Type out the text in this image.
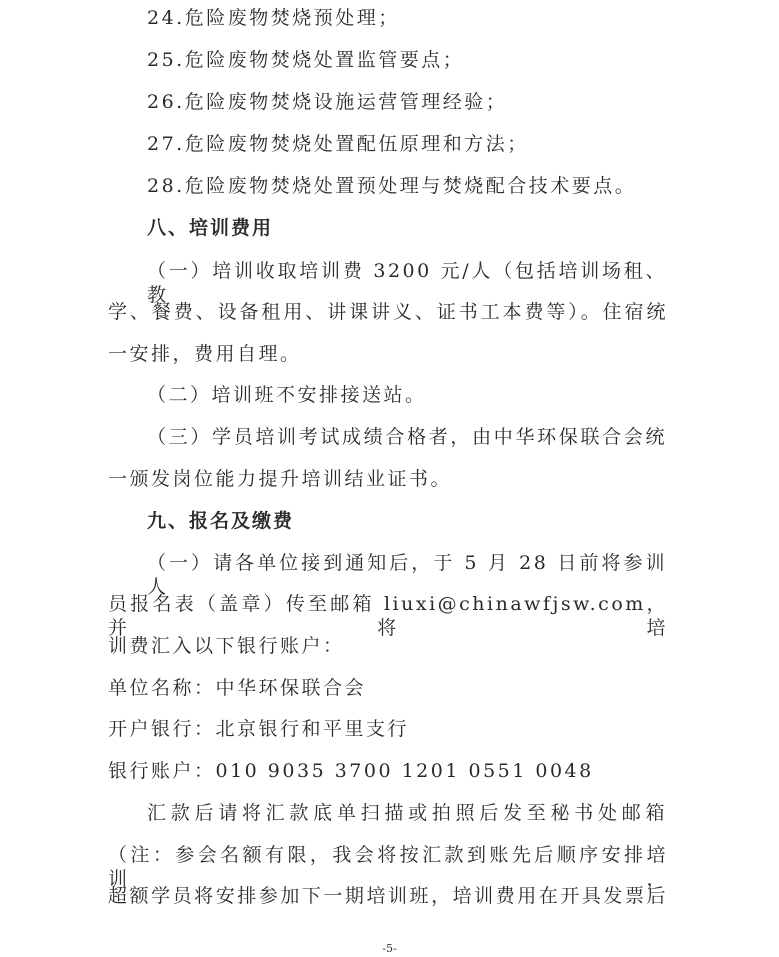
24.危险废物焚烧预处理；
25.危险废物焚烧处置监管要点；
26.危险废物焚烧设施运营管理经验；
27.危险废物焚烧处置配伍原理和方法；
28.危险废物焚烧处置预处理与焚烧配合技术要点。
八、培训费用
（一）培训收取培训费 3200 元/人（包括培训场租、教
学、餐费、设备租用、讲课讲义、证书工本费等）。住宿统
一安排，费用自理。
（二）培训班不安排接送站。
（三）学员培训考试成绩合格者，由中华环保联合会统
一颁发岗位能力提升培训结业证书。
九、报名及缴费
（一）请各单位接到通知后，于 5 月 28 日前将参训人
员报名表（盖章）传至邮箱 liuxi@chinawfjsw.com，并将培
训费汇入以下银行账户：
单位名称：中华环保联合会
开户银行：北京银行和平里支行
银行账户：010 9035 3700 1201 0551 0048
汇款后请将汇款底单扫描或拍照后发至秘书处邮箱
（注：参会名额有限，我会将按汇款到账先后顺序安排培训，
超额学员将安排参加下一期培训班，培训费用在开具发票后
-5-
